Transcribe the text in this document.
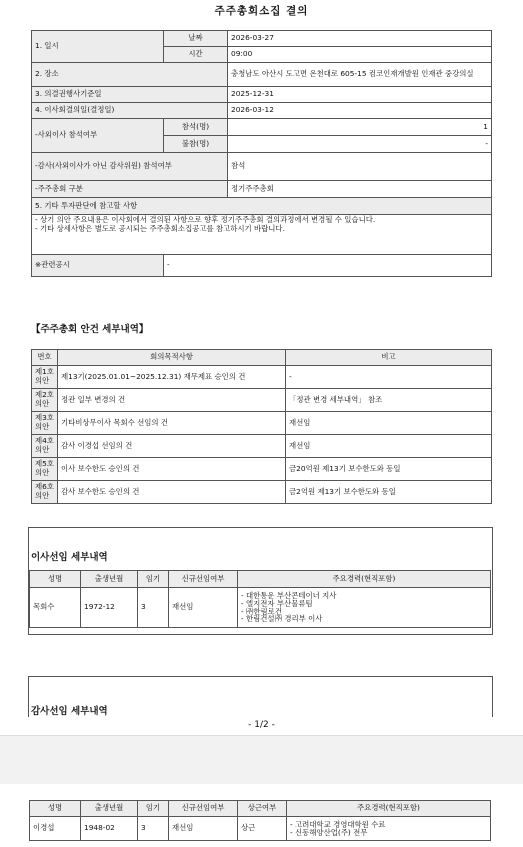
주주총회소집 결의
1. 일시	날짜	2026-03-27
	시간	09:00
2. 장소		충청남도 아산시 도고면 온천대로 605-15 컴코인재개발원 인재관 중강의실
3. 의결권행사기준일		2025-12-31
4. 이사회결의일(결정일)		2026-03-12
-사외이사 참석여부	참석(명)	1
	불참(명)	-
-감사(사외이사가 아닌 감사위원) 참석여부		참석
-주주총회 구분		정기주주총회
5. 기타 투자판단에 참고할 사항		
- 상기 의안 주요내용은 이사회에서 결의된 사항으로 향후 정기주주총회 결의과정에서 변경될 수 있습니다.
- 기타 상세사항은 별도로 공시되는 주주총회소집공고를 참고하시기 바랍니다.		
※관련공시	-	
【주주총회 안건 세부내역】
번호	회의목적사항	비고
제1호 의안	제13기(2025.01.01~2025.12.31) 재무제표 승인의 건	-
제2호 의안	정관 일부 변경의 건	「정관 변경 세부내역」 참조
제3호 의안	기타비상무이사 목회수 선임의 건	재선임
제4호 의안	감사 이경섭 선임의 건	재선임
제5호 의안	이사 보수한도 승인의 건	금20억원 제13기 보수한도와 동일
제6호 의안	감사 보수한도 승인의 건	금2억원 제13기 보수한도와 동일
이사선임 세부내역
성명	출생년월	임기	신규선임여부	주요경력(현직포함)
목회수	1972-12	3	재선임	- 대한통운 부산콘테이너 지사
- 엘지전자 부산물류팀
- ㈜한림로건
- 한림건설㈜ 경리부 이사
감사선임 세부내역
- 1/2 -
성명	출생년월	임기	신규선임여부	상근여부	주요경력(현직포함)
이경섭	1948-02	3	재선임	상근	- 고려대학교 경영대학원 수료
- 신동해양산업(주) 전무
